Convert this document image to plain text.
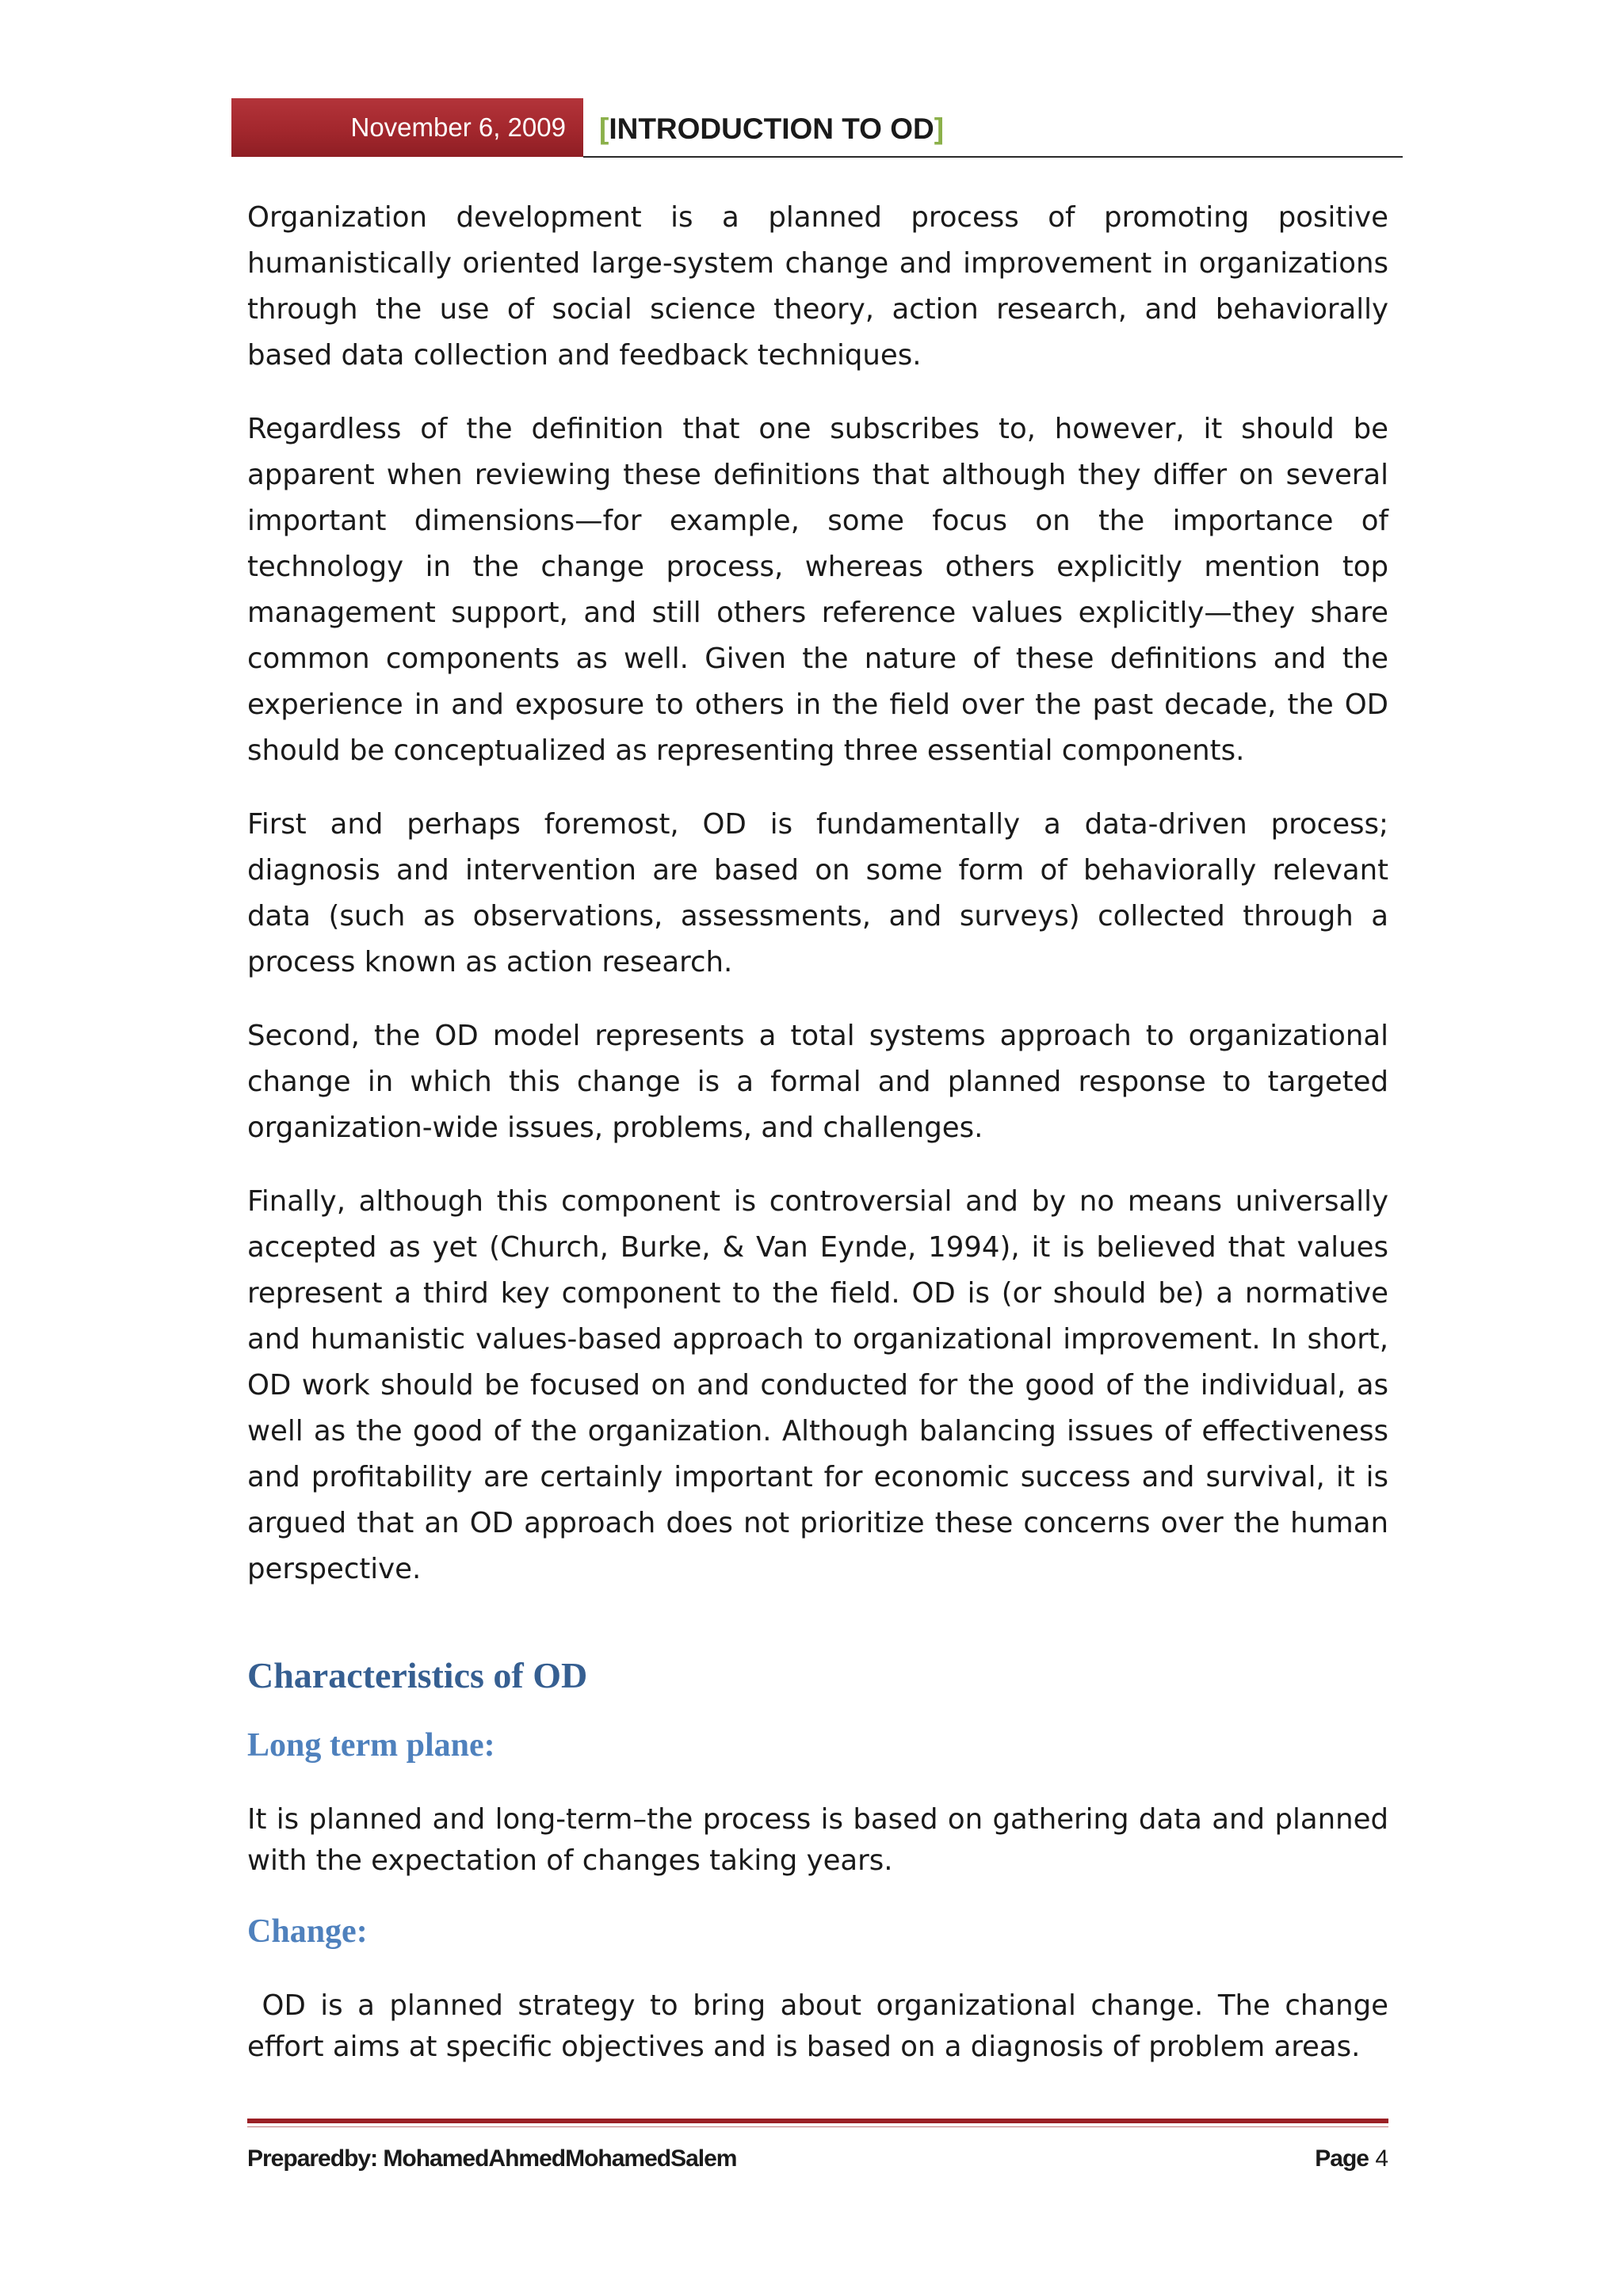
November 6, 2009 [ INTRODUCTION TO OD ]

Organization development is a planned process of promoting positive humanistically oriented large-system change and improvement in organizations through the use of social science theory, action research, and behaviorally based data collection and feedback techniques.

Regardless of the definition that one subscribes to, however, it should be apparent when reviewing these definitions that although they differ on several important dimensions—for example, some focus on the importance of technology in the change process, whereas others explicitly mention top management support, and still others reference values explicitly—they share common components as well. Given the nature of these definitions and the experience in and exposure to others in the field over the past decade, the OD should be conceptualized as representing three essential components.

First and perhaps foremost, OD is fundamentally a data-driven process; diagnosis and intervention are based on some form of behaviorally relevant data (such as observations, assessments, and surveys) collected through a process known as action research.

Second, the OD model represents a total systems approach to organizational change in which this change is a formal and planned response to targeted organization-wide issues, problems, and challenges.

Finally, although this component is controversial and by no means universally accepted as yet (Church, Burke, & Van Eynde, 1994), it is believed that values represent a third key component to the field. OD is (or should be) a normative and humanistic values-based approach to organizational improvement. In short, OD work should be focused on and conducted for the good of the individual, as well as the good of the organization. Although balancing issues of effectiveness and profitability are certainly important for economic success and survival, it is argued that an OD approach does not prioritize these concerns over the human perspective.

Characteristics of OD
Long term plane:

It is planned and long-term–the process is based on gathering data and planned with the expectation of changes taking years.

Change:

OD is a planned strategy to bring about organizational change. The change effort aims at specific objectives and is based on a diagnosis of problem areas.

Preparedby: MohamedAhmedMohamedSalem	Page 4
